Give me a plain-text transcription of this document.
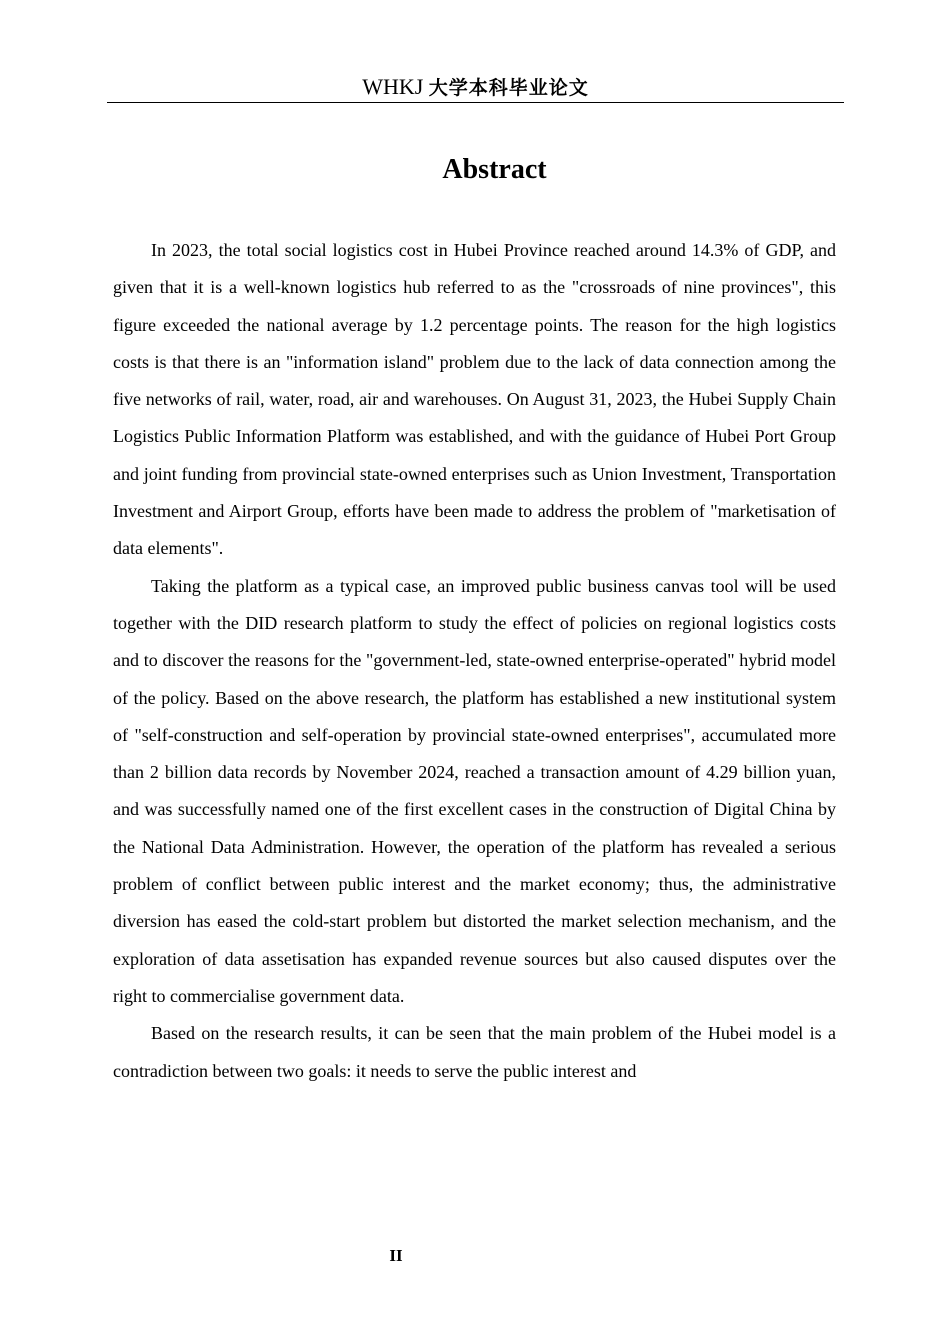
WHKJ 大学本科毕业论文
Abstract

In 2023, the total social logistics cost in Hubei Province reached around 14.3% of GDP, and given that it is a well-known logistics hub referred to as the "crossroads of nine provinces", this figure exceeded the national average by 1.2 percentage points. The reason for the high logistics costs is that there is an "information island" problem due to the lack of data connection among the five networks of rail, water, road, air and warehouses. On August 31, 2023, the Hubei Supply Chain Logistics Public Information Platform was established, and with the guidance of Hubei Port Group and joint funding from provincial state-owned enterprises such as Union Investment, Transportation Investment and Airport Group, efforts have been made to address the problem of "marketisation of data elements".

Taking the platform as a typical case, an improved public business canvas tool will be used together with the DID research platform to study the effect of policies on regional logistics costs and to discover the reasons for the "government-led, state-owned enterprise-operated" hybrid model of the policy. Based on the above research, the platform has established a new institutional system of "self-construction and self-operation by provincial state-owned enterprises", accumulated more than 2 billion data records by November 2024, reached a transaction amount of 4.29 billion yuan, and was successfully named one of the first excellent cases in the construction of Digital China by the National Data Administration. However, the operation of the platform has revealed a serious problem of conflict between public interest and the market economy; thus, the administrative diversion has eased the cold-start problem but distorted the market selection mechanism, and the exploration of data assetisation has expanded revenue sources but also caused disputes over the right to commercialise government data.

Based on the research results, it can be seen that the main problem of the Hubei model is a contradiction between two goals: it needs to serve the public interest and

II
